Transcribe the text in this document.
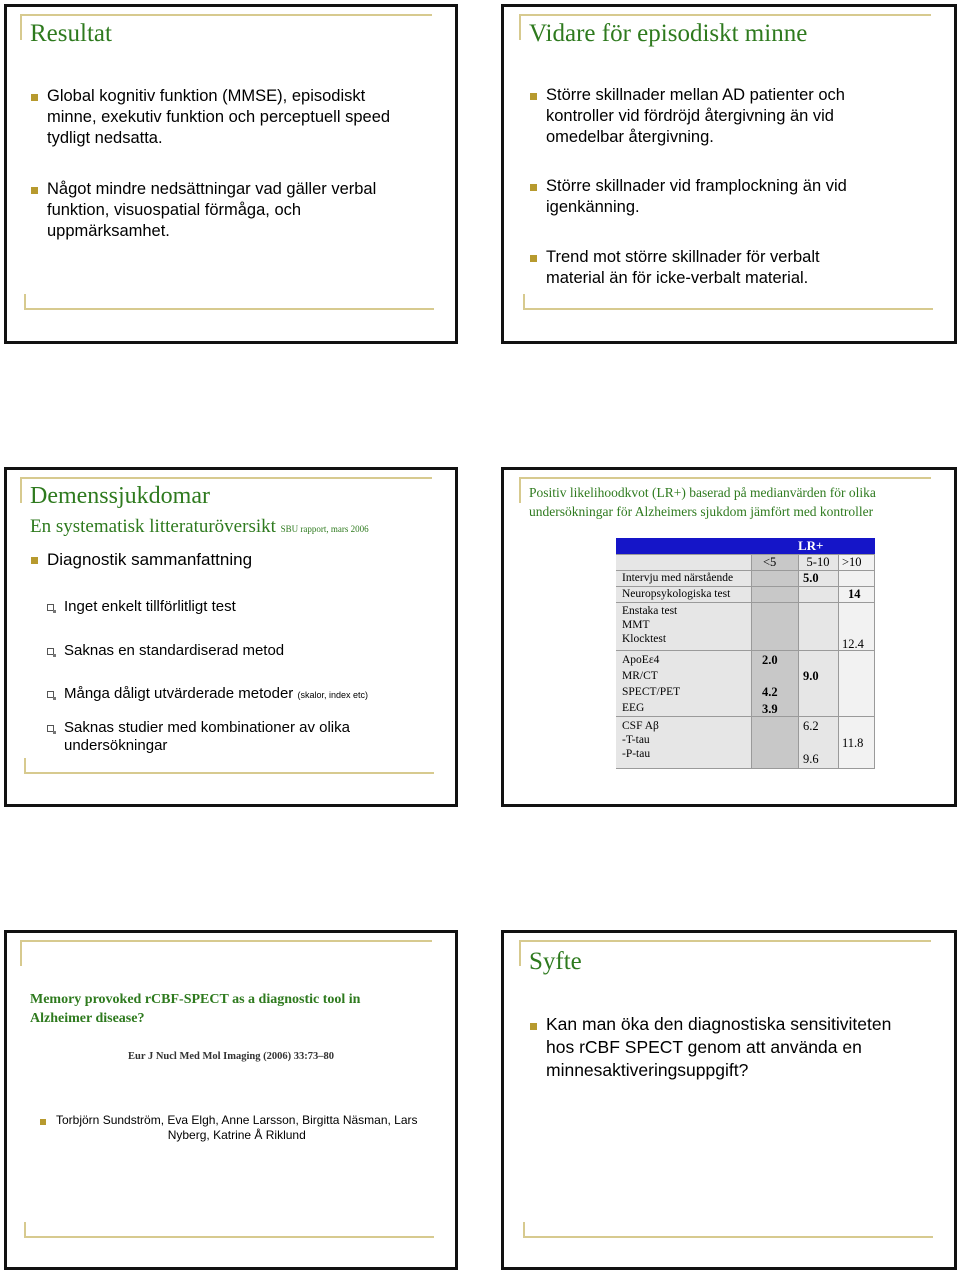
Resultat
Global kognitiv funktion (MMSE), episodiskt
minne, exekutiv funktion och perceptuell speed
tydligt nedsatta.
Något mindre nedsättningar vad gäller verbal
funktion, visuospatial förmåga, och
uppmärksamhet.
Vidare för episodiskt minne
Större skillnader mellan AD patienter och
kontroller vid fördröjd återgivning än vid
omedelbar återgivning.
Större skillnader vid framplockning än vid
igenkänning.
Trend mot större skillnader för verbalt
material än för icke-verbalt material.
Demenssjukdomar
En systematisk litteraturöversikt SBU rapport, mars 2006
Diagnostik sammanfattning
Inget enkelt tillförlitligt test
Saknas en standardiserad metod
Många dåligt utvärderade metoder (skalor, index etc)
Saknas studier med kombinationer av olika
undersökningar
Positiv likelihoodkvot (LR+) baserad på medianvärden för olika
undersökningar för Alzheimers sjukdom jämfört med kontroller
LR+
<5	5-10	>10
Intervju med närstående
Neuropsykologiska test
Enstaka test
MMT
Klocktest
ApoEε4
MR/CT
SPECT/PET
EEG
CSF Aβ
-T-tau
-P-tau
5.0
14
12.4
2.0
9.0
4.2
3.9
6.2
11.8
9.6
Memory provoked rCBF-SPECT as a diagnostic tool in
Alzheimer disease?
Eur J Nucl Med Mol Imaging (2006) 33:73–80
Torbjörn Sundström, Eva Elgh, Anne Larsson, Birgitta Näsman, Lars
Nyberg, Katrine Å Riklund
Syfte
Kan man öka den diagnostiska sensitiviteten
hos rCBF SPECT genom att använda en
minnesaktiveringsuppgift?
